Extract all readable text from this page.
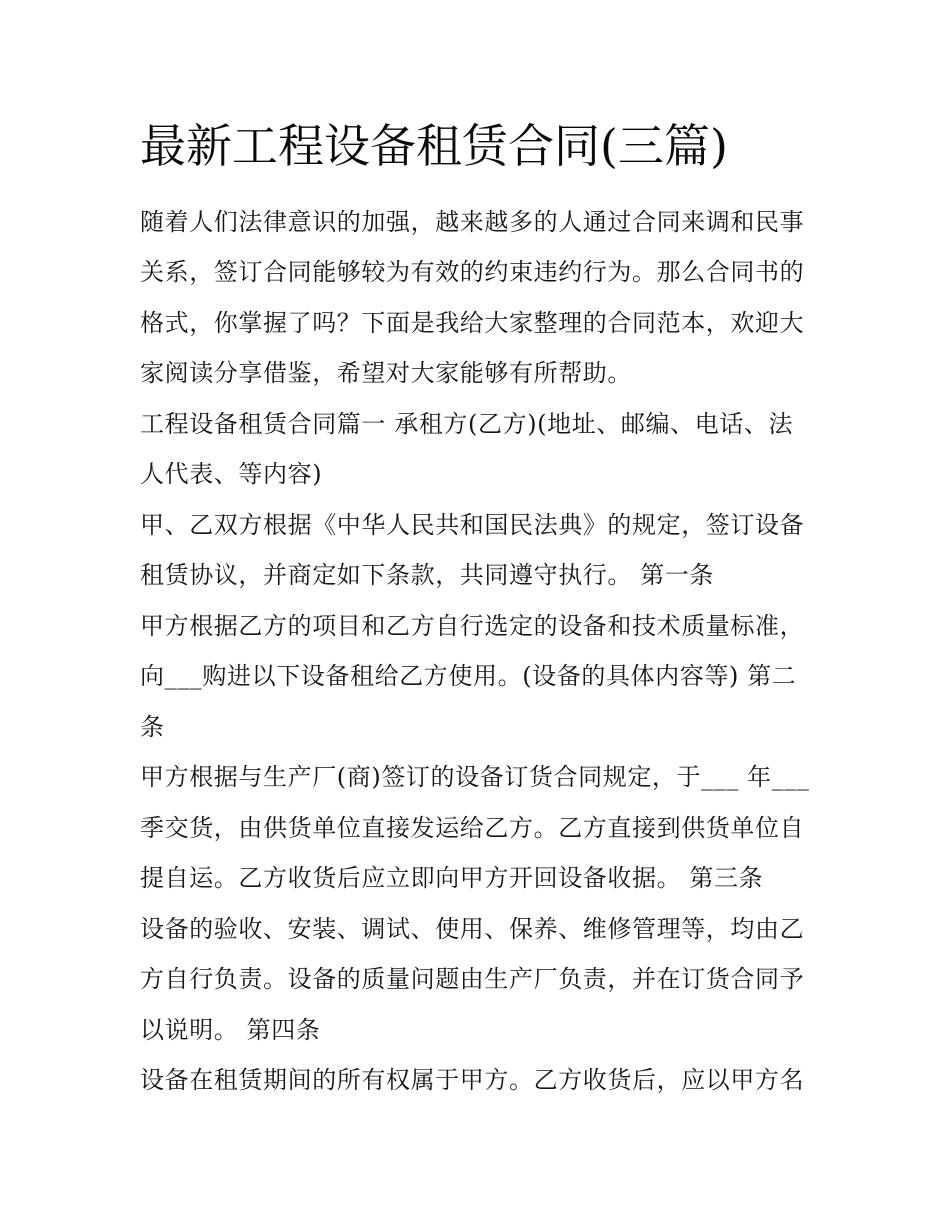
最新工程设备租赁合同(三篇)
随着人们法律意识的加强，越来越多的人通过合同来调和民事
关系，签订合同能够较为有效的约束违约行为。那么合同书的
格式，你掌握了吗？下面是我给大家整理的合同范本，欢迎大
家阅读分享借鉴，希望对大家能够有所帮助。
工程设备租赁合同篇一 承租方(乙方)(地址、邮编、电话、法
人代表、等内容)
甲、乙双方根据《中华人民共和国民法典》的规定，签订设备
租赁协议，并商定如下条款，共同遵守执行。 第一条
甲方根据乙方的项目和乙方自行选定的设备和技术质量标准，
向___购进以下设备租给乙方使用。(设备的具体内容等) 第二
条
甲方根据与生产厂(商)签订的设备订货合同规定，于___ 年___
季交货，由供货单位直接发运给乙方。乙方直接到供货单位自
提自运。乙方收货后应立即向甲方开回设备收据。 第三条
设备的验收、安装、调试、使用、保养、维修管理等，均由乙
方自行负责。设备的质量问题由生产厂负责，并在订货合同予
以说明。 第四条
设备在租赁期间的所有权属于甲方。乙方收货后，应以甲方名
